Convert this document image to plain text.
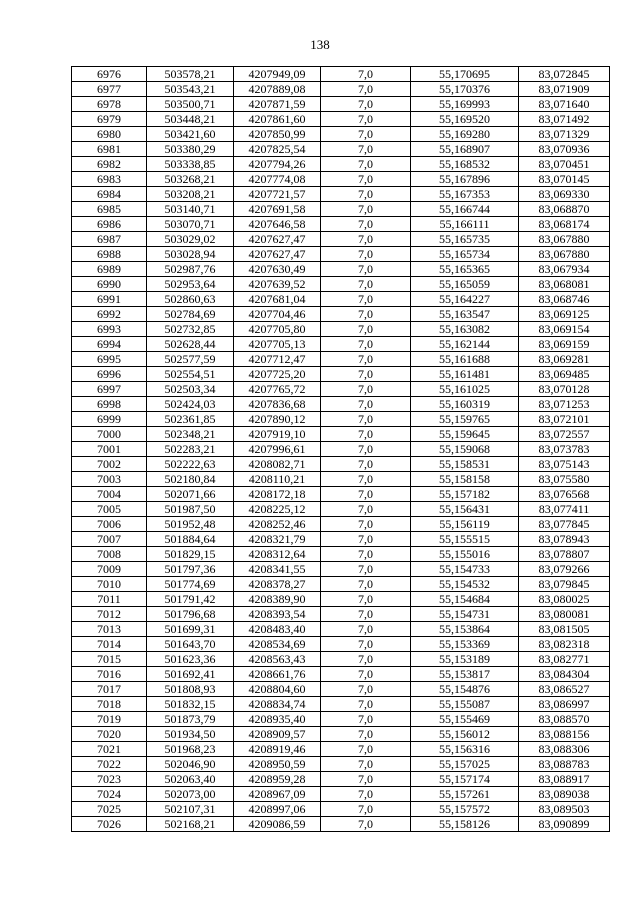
138
6976	503578,21	4207949,09	7,0	55,170695	83,072845
6977	503543,21	4207889,08	7,0	55,170376	83,071909
6978	503500,71	4207871,59	7,0	55,169993	83,071640
6979	503448,21	4207861,60	7,0	55,169520	83,071492
6980	503421,60	4207850,99	7,0	55,169280	83,071329
6981	503380,29	4207825,54	7,0	55,168907	83,070936
6982	503338,85	4207794,26	7,0	55,168532	83,070451
6983	503268,21	4207774,08	7,0	55,167896	83,070145
6984	503208,21	4207721,57	7,0	55,167353	83,069330
6985	503140,71	4207691,58	7,0	55,166744	83,068870
6986	503070,71	4207646,58	7,0	55,166111	83,068174
6987	503029,02	4207627,47	7,0	55,165735	83,067880
6988	503028,94	4207627,47	7,0	55,165734	83,067880
6989	502987,76	4207630,49	7,0	55,165365	83,067934
6990	502953,64	4207639,52	7,0	55,165059	83,068081
6991	502860,63	4207681,04	7,0	55,164227	83,068746
6992	502784,69	4207704,46	7,0	55,163547	83,069125
6993	502732,85	4207705,80	7,0	55,163082	83,069154
6994	502628,44	4207705,13	7,0	55,162144	83,069159
6995	502577,59	4207712,47	7,0	55,161688	83,069281
6996	502554,51	4207725,20	7,0	55,161481	83,069485
6997	502503,34	4207765,72	7,0	55,161025	83,070128
6998	502424,03	4207836,68	7,0	55,160319	83,071253
6999	502361,85	4207890,12	7,0	55,159765	83,072101
7000	502348,21	4207919,10	7,0	55,159645	83,072557
7001	502283,21	4207996,61	7,0	55,159068	83,073783
7002	502222,63	4208082,71	7,0	55,158531	83,075143
7003	502180,84	4208110,21	7,0	55,158158	83,075580
7004	502071,66	4208172,18	7,0	55,157182	83,076568
7005	501987,50	4208225,12	7,0	55,156431	83,077411
7006	501952,48	4208252,46	7,0	55,156119	83,077845
7007	501884,64	4208321,79	7,0	55,155515	83,078943
7008	501829,15	4208312,64	7,0	55,155016	83,078807
7009	501797,36	4208341,55	7,0	55,154733	83,079266
7010	501774,69	4208378,27	7,0	55,154532	83,079845
7011	501791,42	4208389,90	7,0	55,154684	83,080025
7012	501796,68	4208393,54	7,0	55,154731	83,080081
7013	501699,31	4208483,40	7,0	55,153864	83,081505
7014	501643,70	4208534,69	7,0	55,153369	83,082318
7015	501623,36	4208563,43	7,0	55,153189	83,082771
7016	501692,41	4208661,76	7,0	55,153817	83,084304
7017	501808,93	4208804,60	7,0	55,154876	83,086527
7018	501832,15	4208834,74	7,0	55,155087	83,086997
7019	501873,79	4208935,40	7,0	55,155469	83,088570
7020	501934,50	4208909,57	7,0	55,156012	83,088156
7021	501968,23	4208919,46	7,0	55,156316	83,088306
7022	502046,90	4208950,59	7,0	55,157025	83,088783
7023	502063,40	4208959,28	7,0	55,157174	83,088917
7024	502073,00	4208967,09	7,0	55,157261	83,089038
7025	502107,31	4208997,06	7,0	55,157572	83,089503
7026	502168,21	4209086,59	7,0	55,158126	83,090899
